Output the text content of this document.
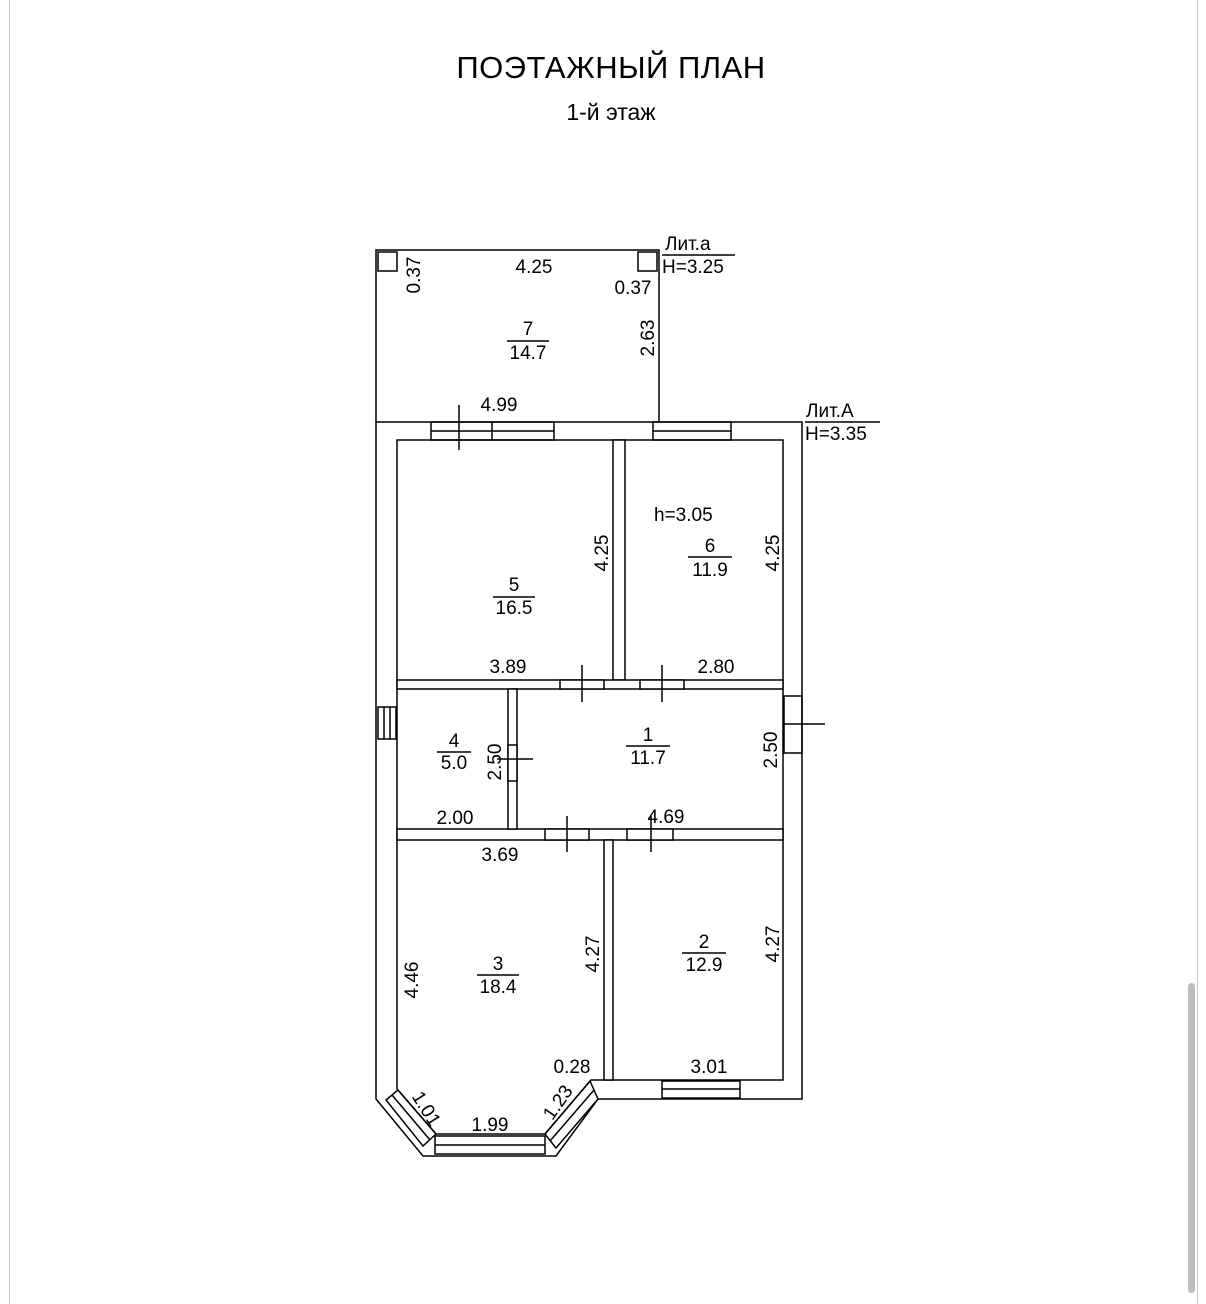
ПОЭТАЖНЫЙ ПЛАН
1-й этаж
Лит.а
H=3.25
Лит.А
H=3.35
7
14.7
5
16.5
6
11.9
1
11.7
4
5.0
3
18.4
2
12.9
h=3.05
4.25
0.37
4.99
3.89	2.80
2.00	4.69
3.69
0.28	3.01
1.99
0.37
2.63
4.25	4.25
2.50	2.50
4.46
4.27	4.27
1.01	1.23
